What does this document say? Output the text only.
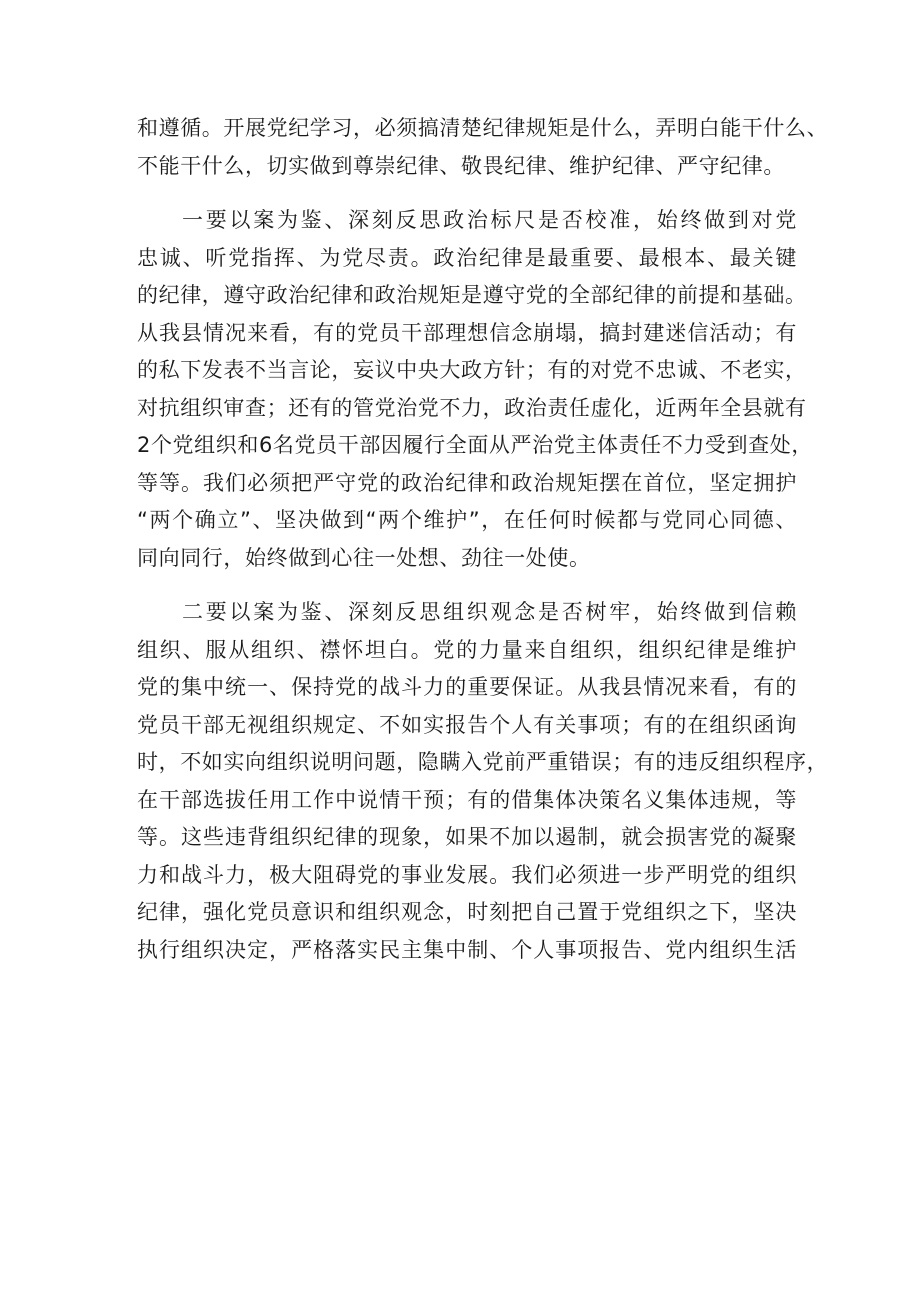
和遵循。开展党纪学习，必须搞清楚纪律规矩是什么，弄明白能干什么、
不能干什么，切实做到尊崇纪律、敬畏纪律、维护纪律、严守纪律。
一要以案为鉴、深刻反思政治标尺是否校准，始终做到对党
忠诚、听党指挥、为党尽责。政治纪律是最重要、最根本、最关键
的纪律，遵守政治纪律和政治规矩是遵守党的全部纪律的前提和基础。
从我县情况来看，有的党员干部理想信念崩塌，搞封建迷信活动；有
的私下发表不当言论，妄议中央大政方针；有的对党不忠诚、不老实，
对抗组织审查；还有的管党治党不力，政治责任虚化，近两年全县就有
2个党组织和6名党员干部因履行全面从严治党主体责任不力受到查处，
等等。我们必须把严守党的政治纪律和政治规矩摆在首位，坚定拥护
“两个确立”、坚决做到“两个维护”，在任何时候都与党同心同德、
同向同行，始终做到心往一处想、劲往一处使。
二要以案为鉴、深刻反思组织观念是否树牢，始终做到信赖
组织、服从组织、襟怀坦白。党的力量来自组织，组织纪律是维护
党的集中统一、保持党的战斗力的重要保证。从我县情况来看，有的
党员干部无视组织规定、不如实报告个人有关事项；有的在组织函询
时，不如实向组织说明问题，隐瞒入党前严重错误；有的违反组织程序，
在干部选拔任用工作中说情干预；有的借集体决策名义集体违规，等
等。这些违背组织纪律的现象，如果不加以遏制，就会损害党的凝聚
力和战斗力，极大阻碍党的事业发展。我们必须进一步严明党的组织
纪律，强化党员意识和组织观念，时刻把自己置于党组织之下，坚决
执行组织决定，严格落实民主集中制、个人事项报告、党内组织生活
